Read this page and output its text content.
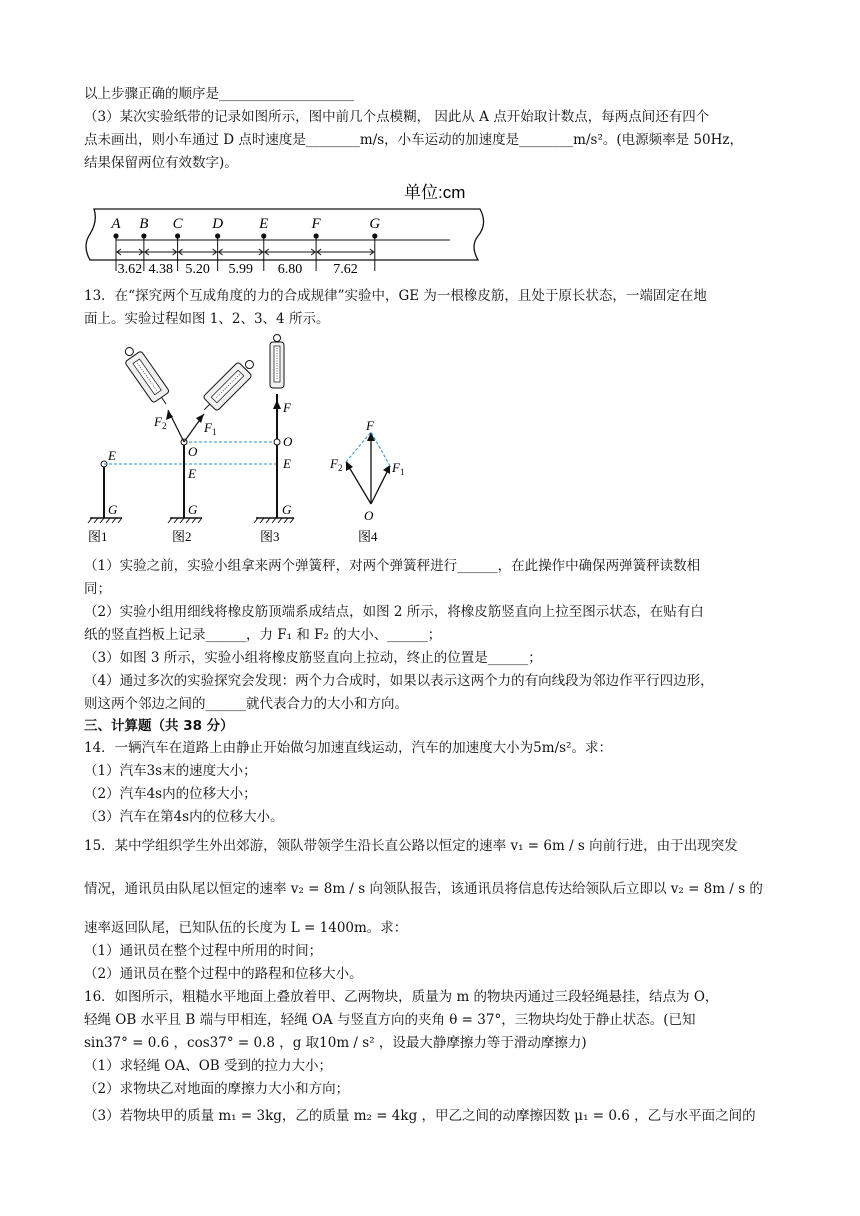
以上步骤正确的顺序是____________________
（3）某次实验纸带的记录如图所示，图中前几个点模糊， 因此从 A 点开始取计数点，每两点间还有四个
点未画出，则小车通过 D 点时速度是________m/s，小车运动的加速度是________m/s²。(电源频率是 50Hz，
结果保留两位有效数字)。
单位:cm
A B C D E	F	G
3.62 4.38 5.20 5.99 6.80 7.62
13．在“探究两个互成角度的力的合成规律”实验中，GE 为一根橡皮筋，且处于原长状态，一端固定在地
面上。实验过程如图 1、2、3、4 所示。
E
G
图1
$F_2$	$F_1$
O
E
G
图2
F
O
E
G
图3
F
$F_2$	$F_1$
O
图4
（1）实验之前，实验小组拿来两个弹簧秤，对两个弹簧秤进行______，在此操作中确保两弹簧秤读数相
同；
（2）实验小组用细线将橡皮筋顶端系成结点，如图 2 所示，将橡皮筋竖直向上拉至图示状态，在贴有白
纸的竖直挡板上记录______，力 F₁ 和 F₂ 的大小、______；
（3）如图 3 所示，实验小组将橡皮筋竖直向上拉动，终止的位置是______；
（4）通过多次的实验探究会发现：两个力合成时，如果以表示这两个力的有向线段为邻边作平行四边形，
则这两个邻边之间的______就代表合力的大小和方向。
三、计算题（共 38 分）
14．一辆汽车在道路上由静止开始做匀加速直线运动，汽车的加速度大小为5m/s²。求：
（1）汽车3s末的速度大小；
（2）汽车4s内的位移大小；
（3）汽车在第4s内的位移大小。
15．某中学组织学生外出郊游，领队带领学生沿长直公路以恒定的速率 v₁ = 6m / s 向前行进，由于出现突发
情况，通讯员由队尾以恒定的速率 v₂ = 8m / s 向领队报告，该通讯员将信息传达给领队后立即以 v₂ = 8m / s 的
速率返回队尾，已知队伍的长度为 L = 1400m。求：
（1）通讯员在整个过程中所用的时间；
（2）通讯员在整个过程中的路程和位移大小。
16．如图所示，粗糙水平地面上叠放着甲、乙两物块，质量为 m 的物块丙通过三段轻绳悬挂，结点为 O，
轻绳 OB 水平且 B 端与甲相连，轻绳 OA 与竖直方向的夹角 θ = 37°，三物块均处于静止状态。(已知
sin37° = 0.6 ，cos37° = 0.8 ，g 取10m / s² ，设最大静摩擦力等于滑动摩擦力)
（1）求轻绳 OA、OB 受到的拉力大小；
（2）求物块乙对地面的摩擦力大小和方向；
（3）若物块甲的质量 m₁ = 3kg，乙的质量 m₂ = 4kg ，甲乙之间的动摩擦因数 μ₁ = 0.6 ，乙与水平面之间的
